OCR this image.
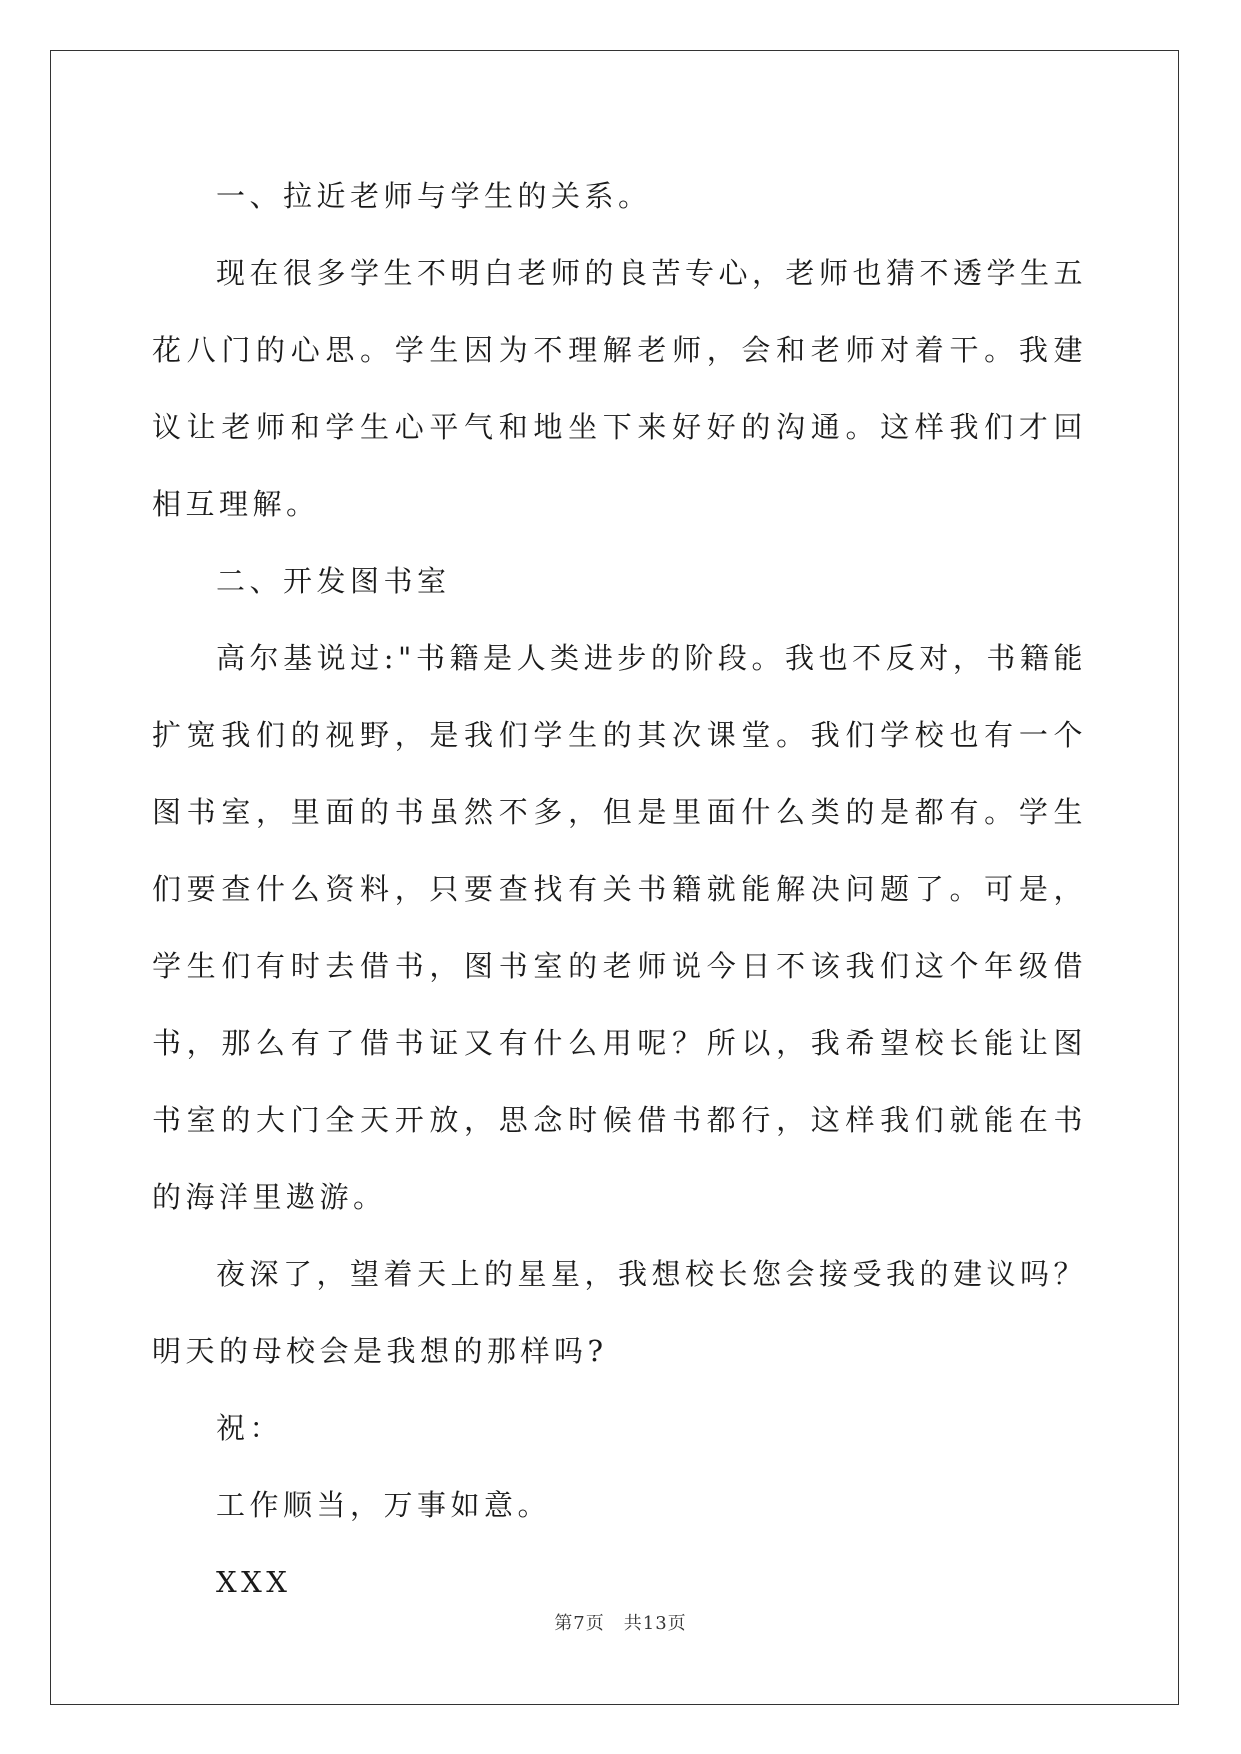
一、拉近老师与学生的关系。

现在很多学生不明白老师的良苦专心，老师也猜不透学生五花八门的心思。学生因为不理解老师，会和老师对着干。我建议让老师和学生心平气和地坐下来好好的沟通。这样我们才回相互理解。

二、开发图书室

高尔基说过:"书籍是人类进步的阶段。我也不反对，书籍能扩宽我们的视野，是我们学生的其次课堂。我们学校也有一个图书室，里面的书虽然不多，但是里面什么类的是都有。学生们要查什么资料，只要查找有关书籍就能解决问题了。可是，学生们有时去借书，图书室的老师说今日不该我们这个年级借书，那么有了借书证又有什么用呢？所以，我希望校长能让图书室的大门全天开放，思念时候借书都行，这样我们就能在书的海洋里遨游。

夜深了，望着天上的星星，我想校长您会接受我的建议吗？明天的母校会是我想的那样吗?

祝：

工作顺当，万事如意。

XXX

第7页　共13页
